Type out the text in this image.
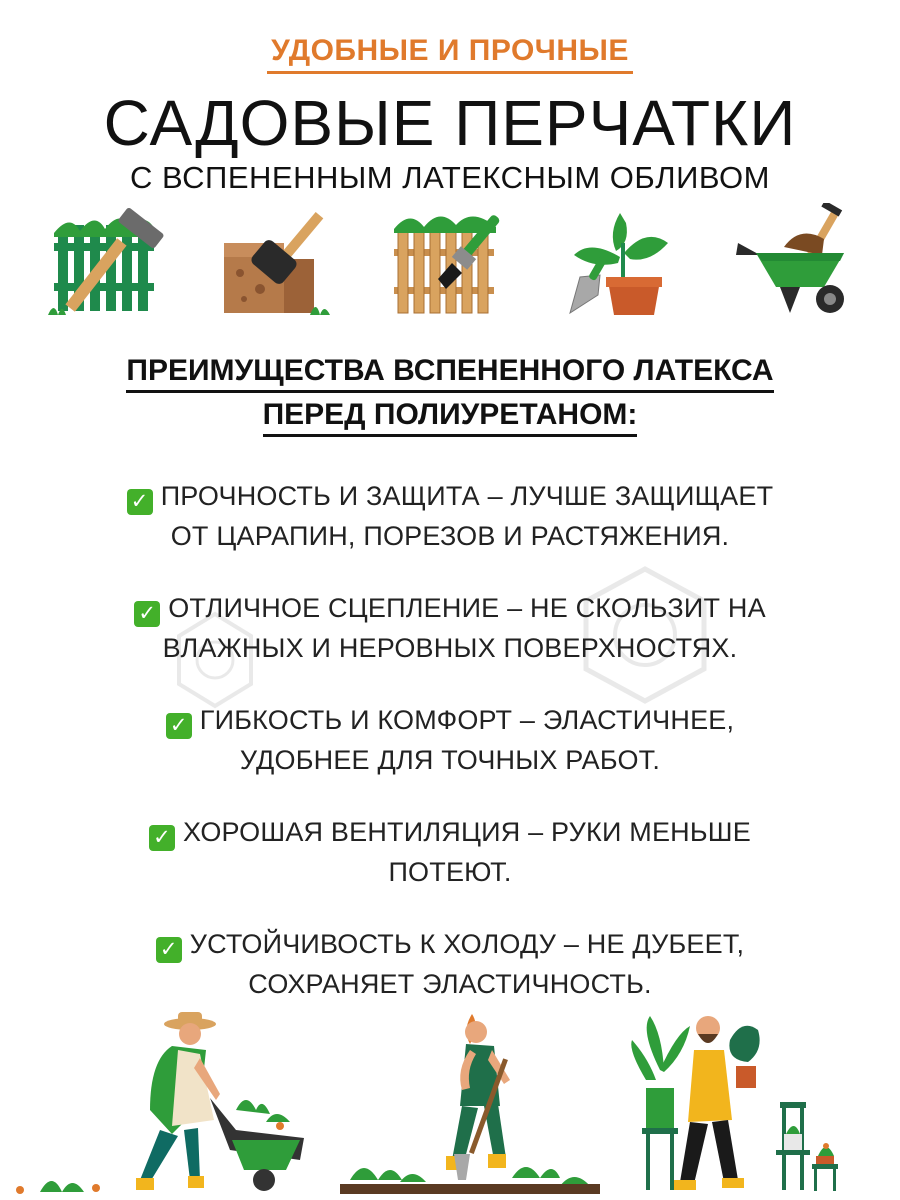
УДОБНЫЕ И ПРОЧНЫЕ
САДОВЫЕ ПЕРЧАТКИ
С ВСПЕНЕННЫМ ЛАТЕКСНЫМ ОБЛИВОМ
ПРЕИМУЩЕСТВА ВСПЕНЕННОГО ЛАТЕКСА
ПЕРЕД ПОЛИУРЕТАНОМ:
✓ ПРОЧНОСТЬ И ЗАЩИТА – ЛУЧШЕ ЗАЩИЩАЕТ
ОТ ЦАРАПИН, ПОРЕЗОВ И РАСТЯЖЕНИЯ.
✓ ОТЛИЧНОЕ СЦЕПЛЕНИЕ – НЕ СКОЛЬЗИТ НА
ВЛАЖНЫХ И НЕРОВНЫХ ПОВЕРХНОСТЯХ.
✓ ГИБКОСТЬ И КОМФОРТ – ЭЛАСТИЧНЕЕ,
УДОБНЕЕ ДЛЯ ТОЧНЫХ РАБОТ.
✓ ХОРОШАЯ ВЕНТИЛЯЦИЯ – РУКИ МЕНЬШЕ
ПОТЕЮТ.
✓ УСТОЙЧИВОСТЬ К ХОЛОДУ – НЕ ДУБЕЕТ,
СОХРАНЯЕТ ЭЛАСТИЧНОСТЬ.
